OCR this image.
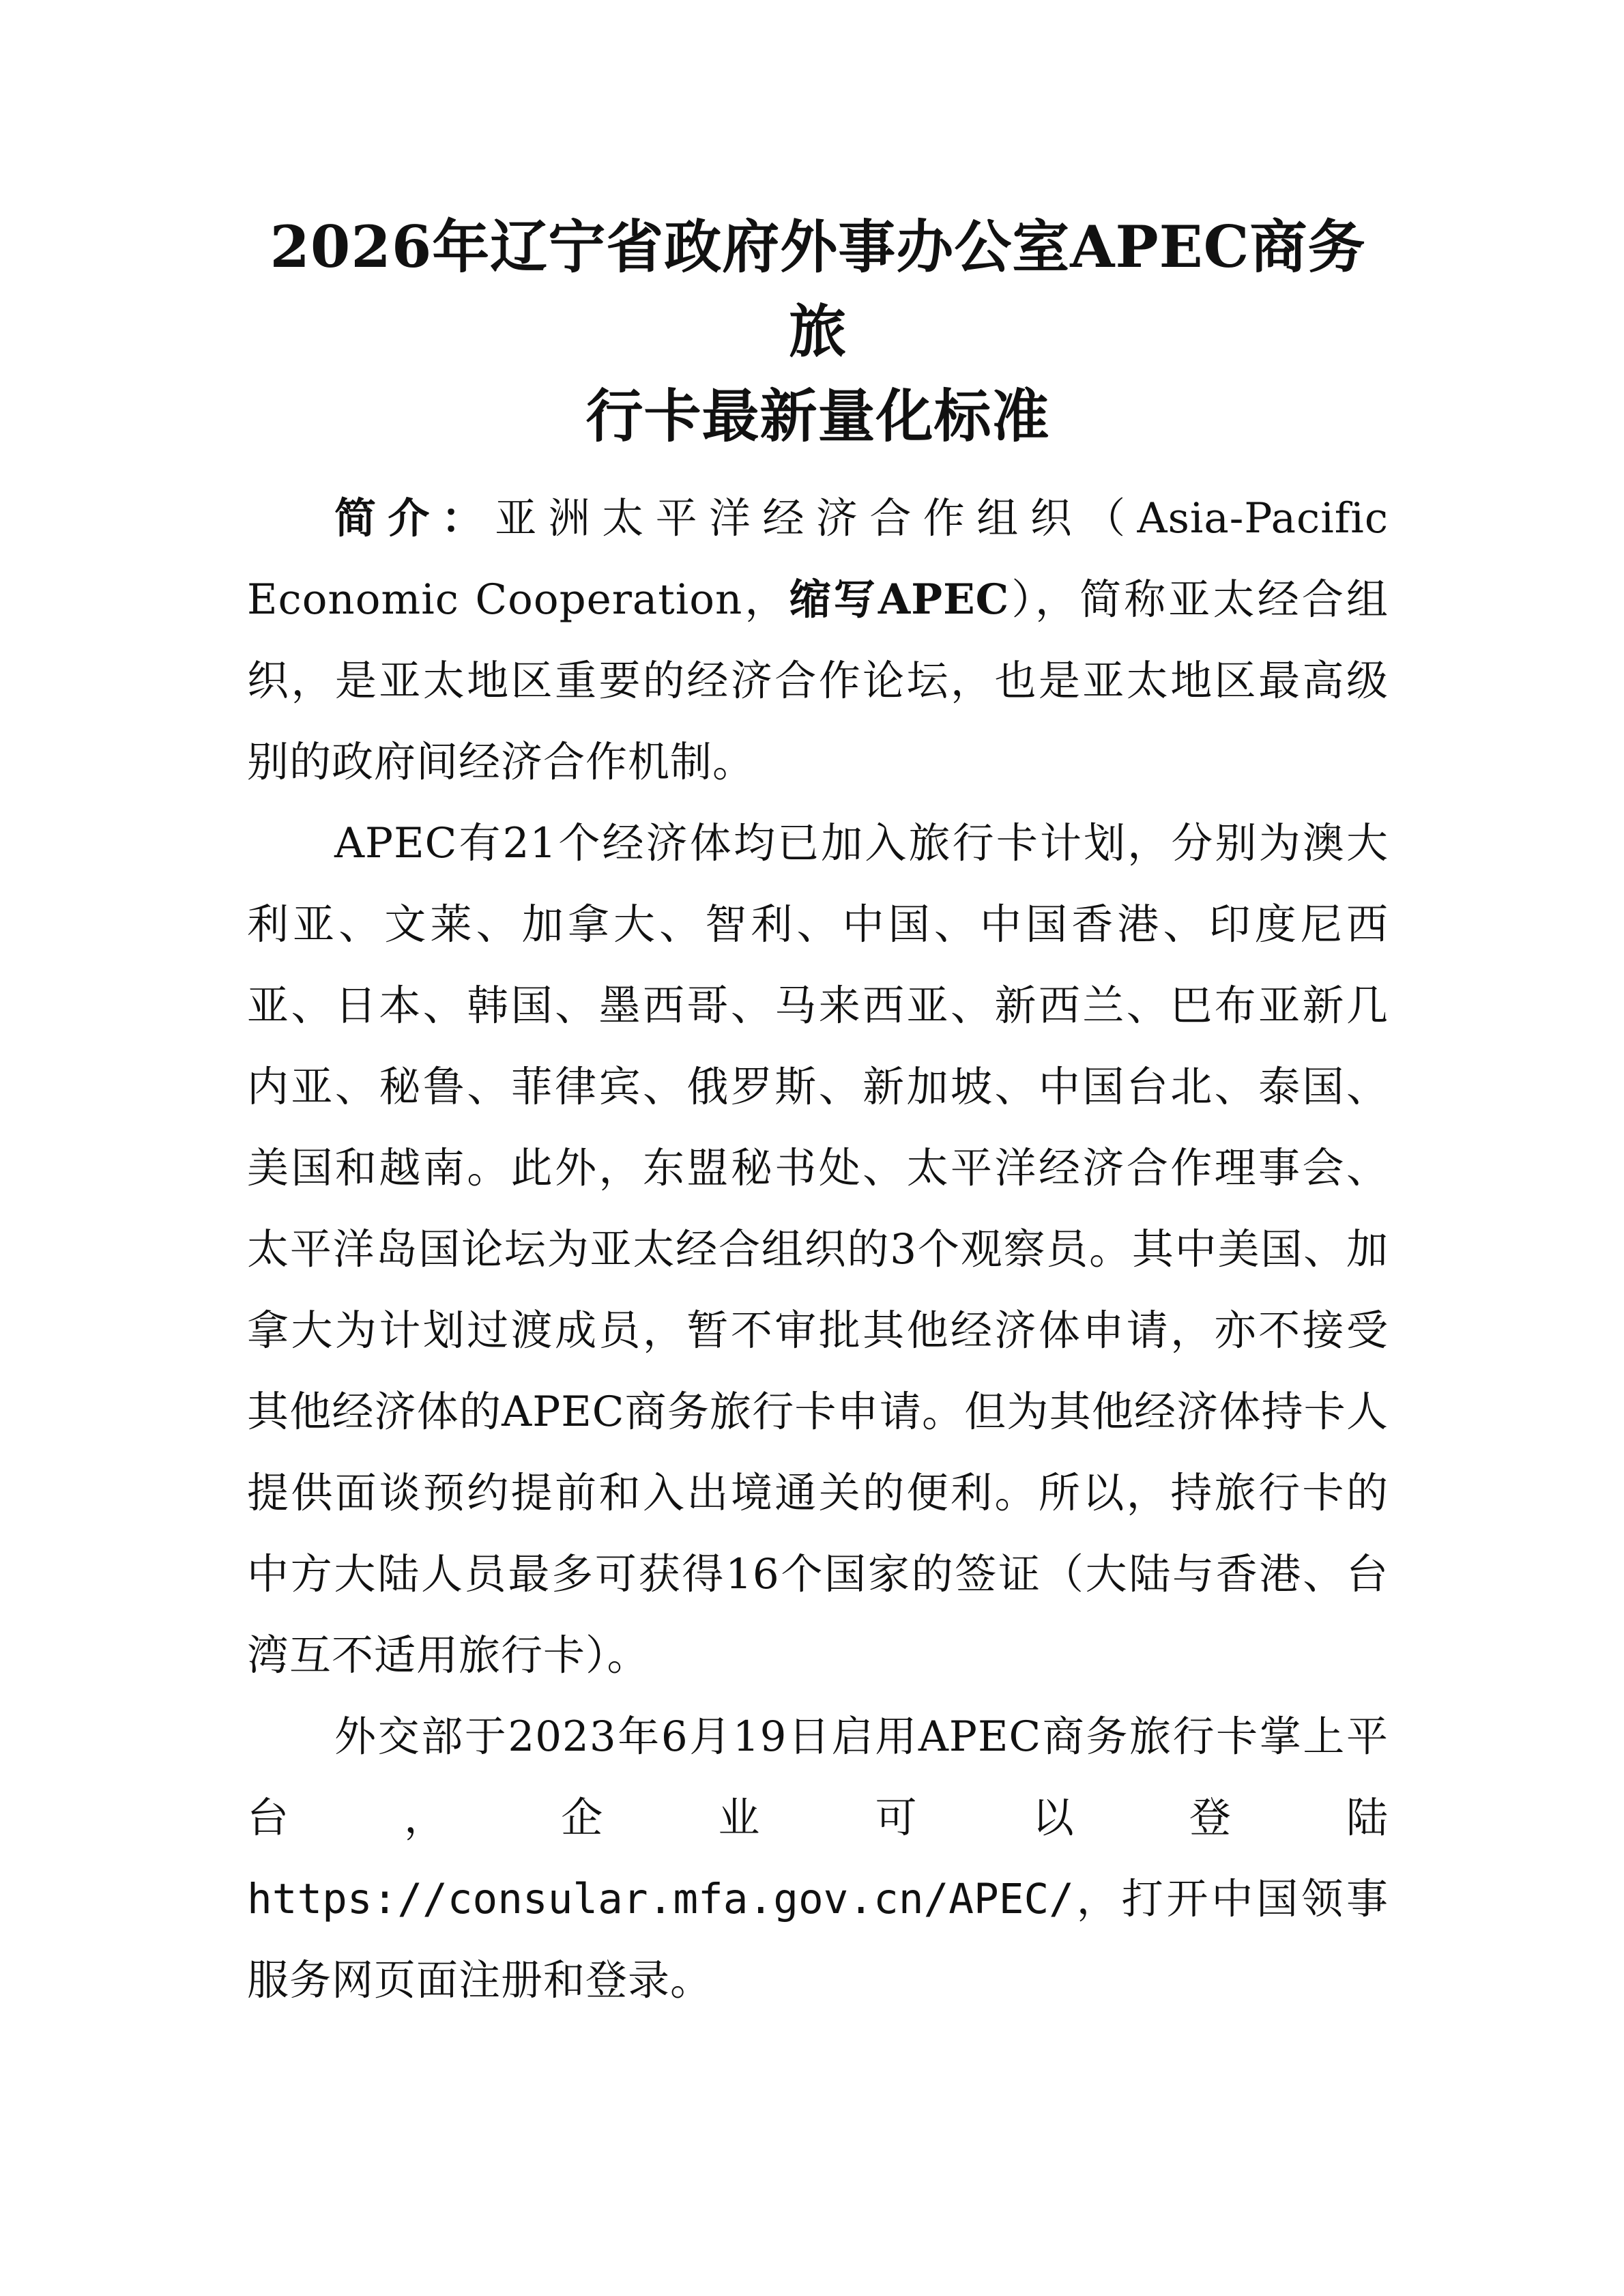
2026年辽宁省政府外事办公室APEC商务旅
行卡最新量化标准

简介：亚洲太平洋经济合作组织（Asia-Pacific Economic Cooperation，缩写APEC），简称亚太经合组织，是亚太地区重要的经济合作论坛，也是亚太地区最高级别的政府间经济合作机制。

APEC有21个经济体均已加入旅行卡计划，分别为澳大利亚、文莱、加拿大、智利、中国、中国香港、印度尼西亚、日本、韩国、墨西哥、马来西亚、新西兰、巴布亚新几内亚、秘鲁、菲律宾、俄罗斯、新加坡、中国台北、泰国、美国和越南。此外，东盟秘书处、太平洋经济合作理事会、太平洋岛国论坛为亚太经合组织的3个观察员。其中美国、加拿大为计划过渡成员，暂不审批其他经济体申请，亦不接受其他经济体的APEC商务旅行卡申请。但为其他经济体持卡人提供面谈预约提前和入出境通关的便利。所以，持旅行卡的中方大陆人员最多可获得16个国家的签证（大陆与香港、台湾互不适用旅行卡）。

外交部于2023年6月19日启用APEC商务旅行卡掌上平台，企业可以登陆https://consular.mfa.gov.cn/APEC/，打开中国领事服务网页面注册和登录。
